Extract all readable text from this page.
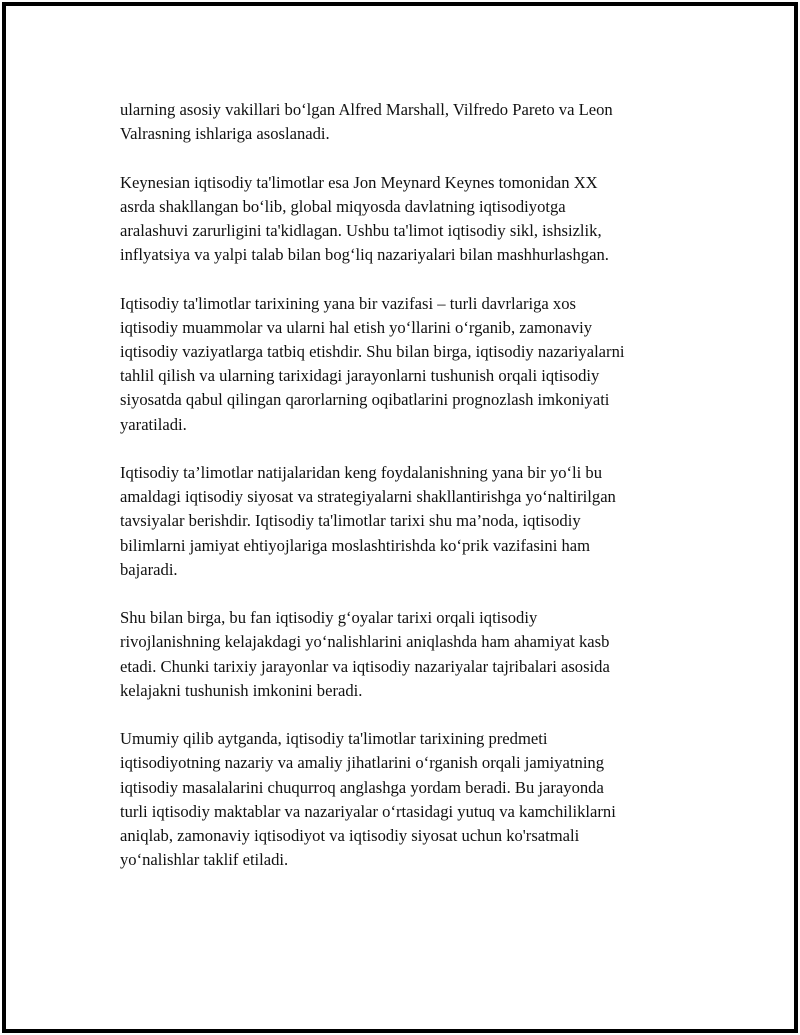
ularning asosiy vakillari bo‘lgan Alfred Marshall, Vilfredo Pareto va Leon
Valrasning ishlariga asoslanadi.

Keynesian iqtisodiy ta'limotlar esa Jon Meynard Keynes tomonidan XX
asrda shakllangan bo‘lib, global miqyosda davlatning iqtisodiyotga
aralashuvi zarurligini ta'kidlagan. Ushbu ta'limot iqtisodiy sikl, ishsizlik,
inflyatsiya va yalpi talab bilan bog‘liq nazariyalari bilan mashhurlashgan.

Iqtisodiy ta'limotlar tarixining yana bir vazifasi – turli davrlariga xos
iqtisodiy muammolar va ularni hal etish yo‘llarini o‘rganib, zamonaviy
iqtisodiy vaziyatlarga tatbiq etishdir. Shu bilan birga, iqtisodiy nazariyalarni
tahlil qilish va ularning tarixidagi jarayonlarni tushunish orqali iqtisodiy
siyosatda qabul qilingan qarorlarning oqibatlarini prognozlash imkoniyati
yaratiladi.

Iqtisodiy ta’limotlar natijalaridan keng foydalanishning yana bir yo‘li bu
amaldagi iqtisodiy siyosat va strategiyalarni shakllantirishga yo‘naltirilgan
tavsiyalar berishdir. Iqtisodiy ta'limotlar tarixi shu ma’noda, iqtisodiy
bilimlarni jamiyat ehtiyojlariga moslashtirishda ko‘prik vazifasini ham
bajaradi.

Shu bilan birga, bu fan iqtisodiy g‘oyalar tarixi orqali iqtisodiy
rivojlanishning kelajakdagi yo‘nalishlarini aniqlashda ham ahamiyat kasb
etadi. Chunki tarixiy jarayonlar va iqtisodiy nazariyalar tajribalari asosida
kelajakni tushunish imkonini beradi.

Umumiy qilib aytganda, iqtisodiy ta'limotlar tarixining predmeti
iqtisodiyotning nazariy va amaliy jihatlarini o‘rganish orqali jamiyatning
iqtisodiy masalalarini chuqurroq anglashga yordam beradi. Bu jarayonda
turli iqtisodiy maktablar va nazariyalar o‘rtasidagi yutuq va kamchiliklarni
aniqlab, zamonaviy iqtisodiyot va iqtisodiy siyosat uchun ko'rsatmali
yo‘nalishlar taklif etiladi.
